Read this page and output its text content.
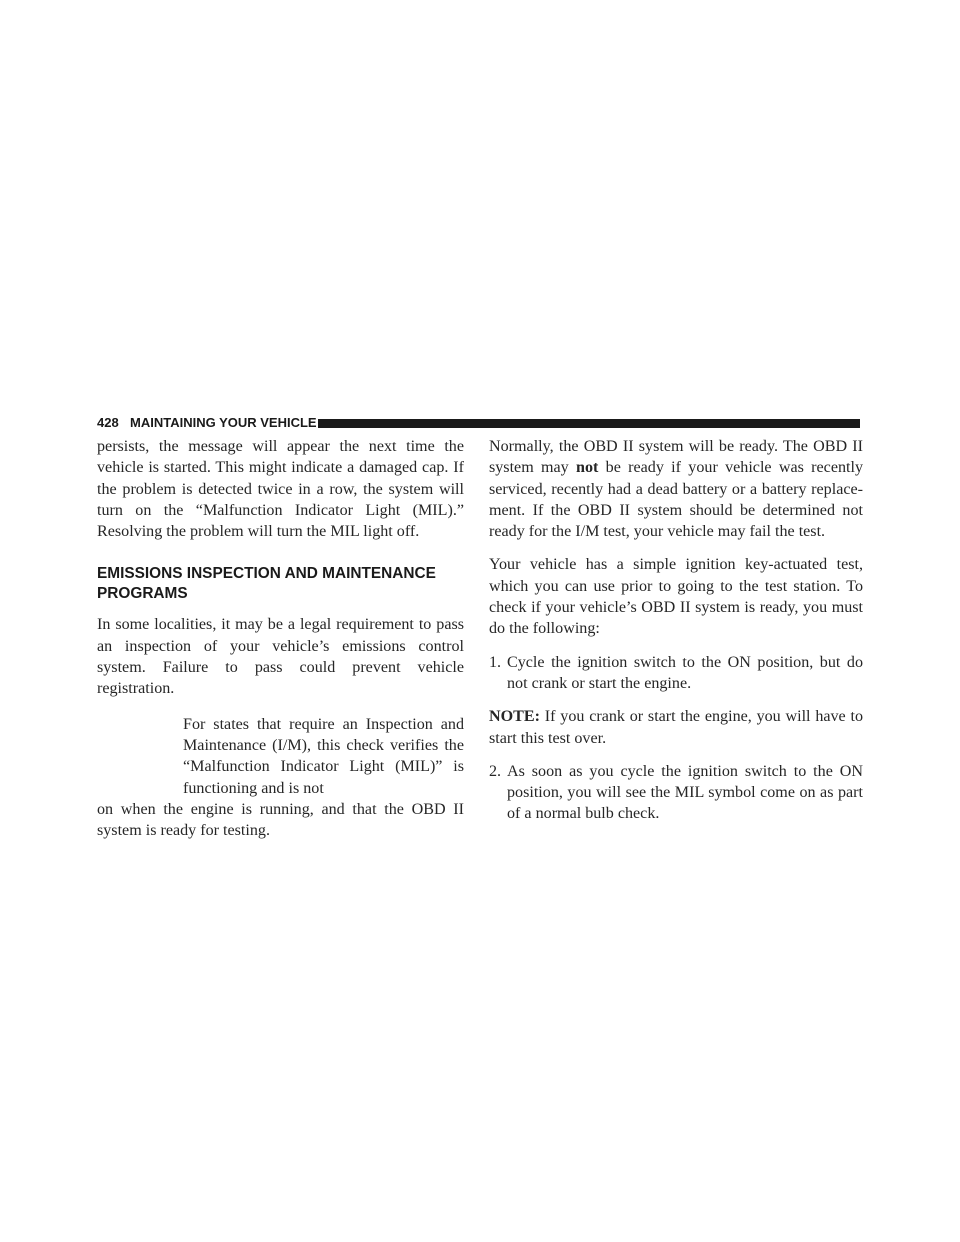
428 MAINTAINING YOUR VEHICLE

persists, the message will appear the next time the vehicle is started. This might indicate a damaged cap. If the problem is detected twice in a row, the system will turn on the “Malfunction Indicator Light (MIL).” Resolving the problem will turn the MIL light off.

EMISSIONS INSPECTION AND MAINTENANCE PROGRAMS

In some localities, it may be a legal requirement to pass an inspection of your vehicle’s emissions control system. Failure to pass could prevent vehicle registration.

For states that require an Inspection and Maintenance (I/M), this check verifies the “Malfunction Indicator Light (MIL)” is functioning and is not

on when the engine is running, and that the OBD II system is ready for testing.

Normally, the OBD II system will be ready. The OBD II system may not be ready if your vehicle was recently serviced, recently had a dead battery or a battery replacement. If the OBD II system should be determined not ready for the I/M test, your vehicle may fail the test.

Your vehicle has a simple ignition key-actuated test, which you can use prior to going to the test station. To check if your vehicle’s OBD II system is ready, you must do the following:

1. Cycle the ignition switch to the ON position, but do not crank or start the engine.

NOTE: If you crank or start the engine, you will have to start this test over.

2. As soon as you cycle the ignition switch to the ON position, you will see the MIL symbol come on as part of a normal bulb check.
